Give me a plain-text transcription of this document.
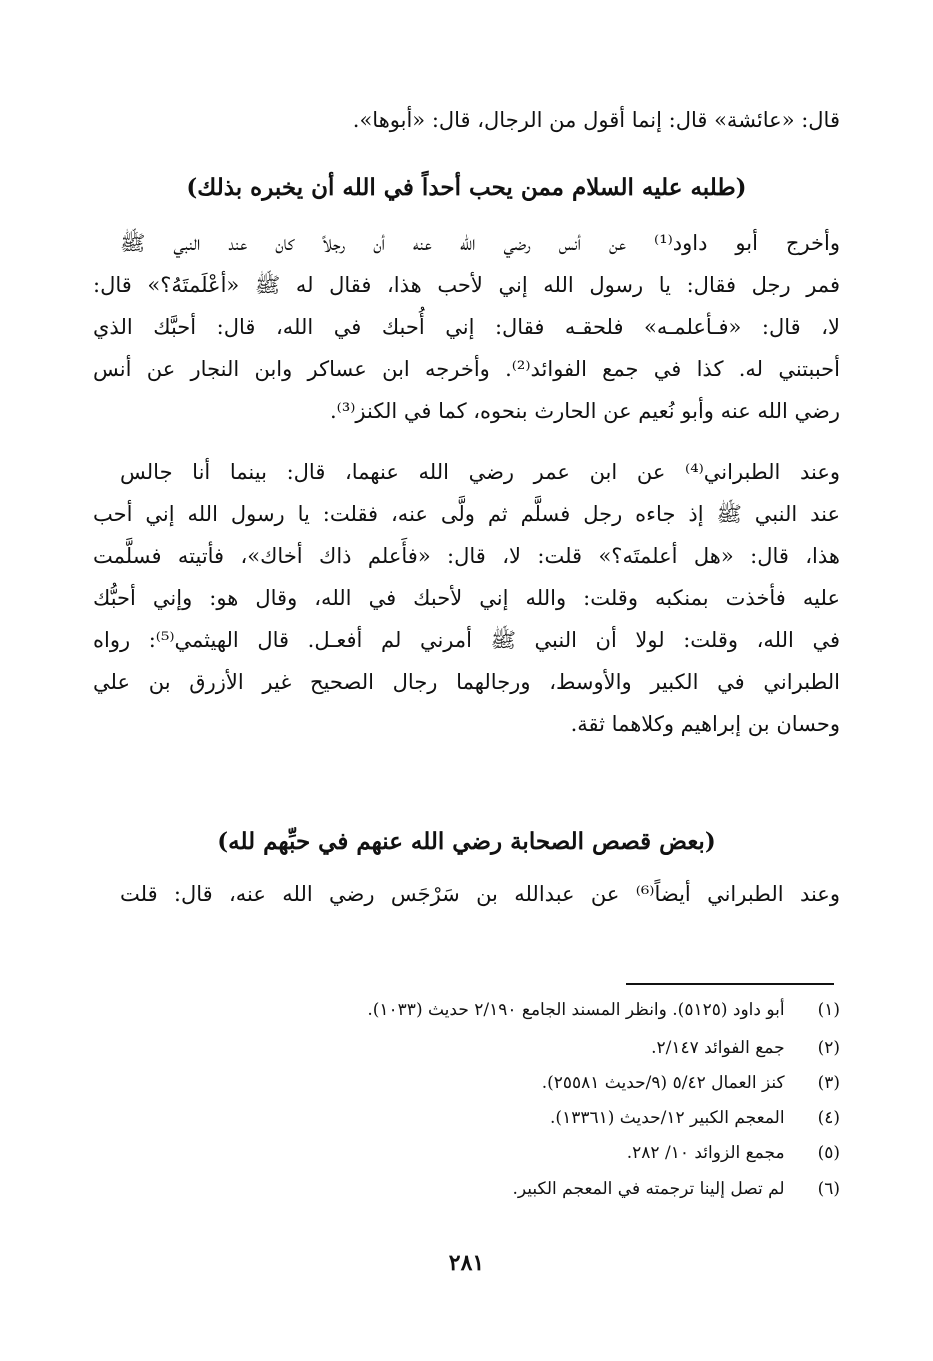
قال: «عائشة» قال: إنما أقول من الرجال، قال: «أبوها».
(طلبه عليه السلام ممن يحب أحداً في الله أن يخبره بذلك)
وأخرج أبو داود⁽¹⁾ عن أنس رضي الله عنه أن رجلاً كان عند النبي ﷺ
فمر رجل فقال: يا رسول الله إني لأحب هذا، فقال له ﷺ «أعْلَمتَهُ؟» قال:
لا، قال: «فـأعلمـه» فلحقـه فقال: إني أُحبك في الله، قال: أحبَّك الذي
أحببتني له. كذا في جمع الفوائد⁽²⁾. وأخرجه ابن عساكر وابن النجار عن أنس
رضي الله عنه وأبو نُعيم عن الحارث بنحوه، كما في الكنز⁽³⁾.
وعند الطبراني⁽⁴⁾ عن ابن عمر رضي الله عنهما، قال: بينما أنا جالس
عند النبي ﷺ إذ جاءه رجل فسلَّم ثم ولَّى عنه، فقلت: يا رسول الله إني أحب
هذا، قال: «هل أعلمتَه؟» قلت: لا، قال: «فأَعلم ذاك أخاك»، فأتيته فسلَّمت
عليه فأخذت بمنكبه وقلت: والله إني لأحبك في الله، وقال هو: وإني أحبُّك
في الله، وقلت: لولا أن النبي ﷺ أمرني لم أفعـل. قال الهيثمي⁽⁵⁾: رواه
الطبراني في الكبير والأوسط، ورجالهما رجال الصحيح غير الأزرق بن علي
وحسان بن إبراهيم وكلاهما ثقة.
(بعض قصص الصحابة رضي الله عنهم في حبِّهم لله)
وعند الطبراني أيضاً⁽⁶⁾ عن عبدالله بن سَرْجَس رضي الله عنه، قال: قلت
(١) أبو داود (٥١٢٥). وانظر المسند الجامع ٢/١٩٠ حديث (١٠٣٣).
(٢) جمع الفوائد ٢/١٤٧.
(٣) كنز العمال ٥/٤٢ (٩/حديث ٢٥٥٨١).
(٤) المعجم الكبير ١٢/حديث (١٣٣٦١).
(٥) مجمع الزوائد ١٠/ ٢٨٢.
(٦) لم تصل إلينا ترجمته في المعجم الكبير.
٢٨١
